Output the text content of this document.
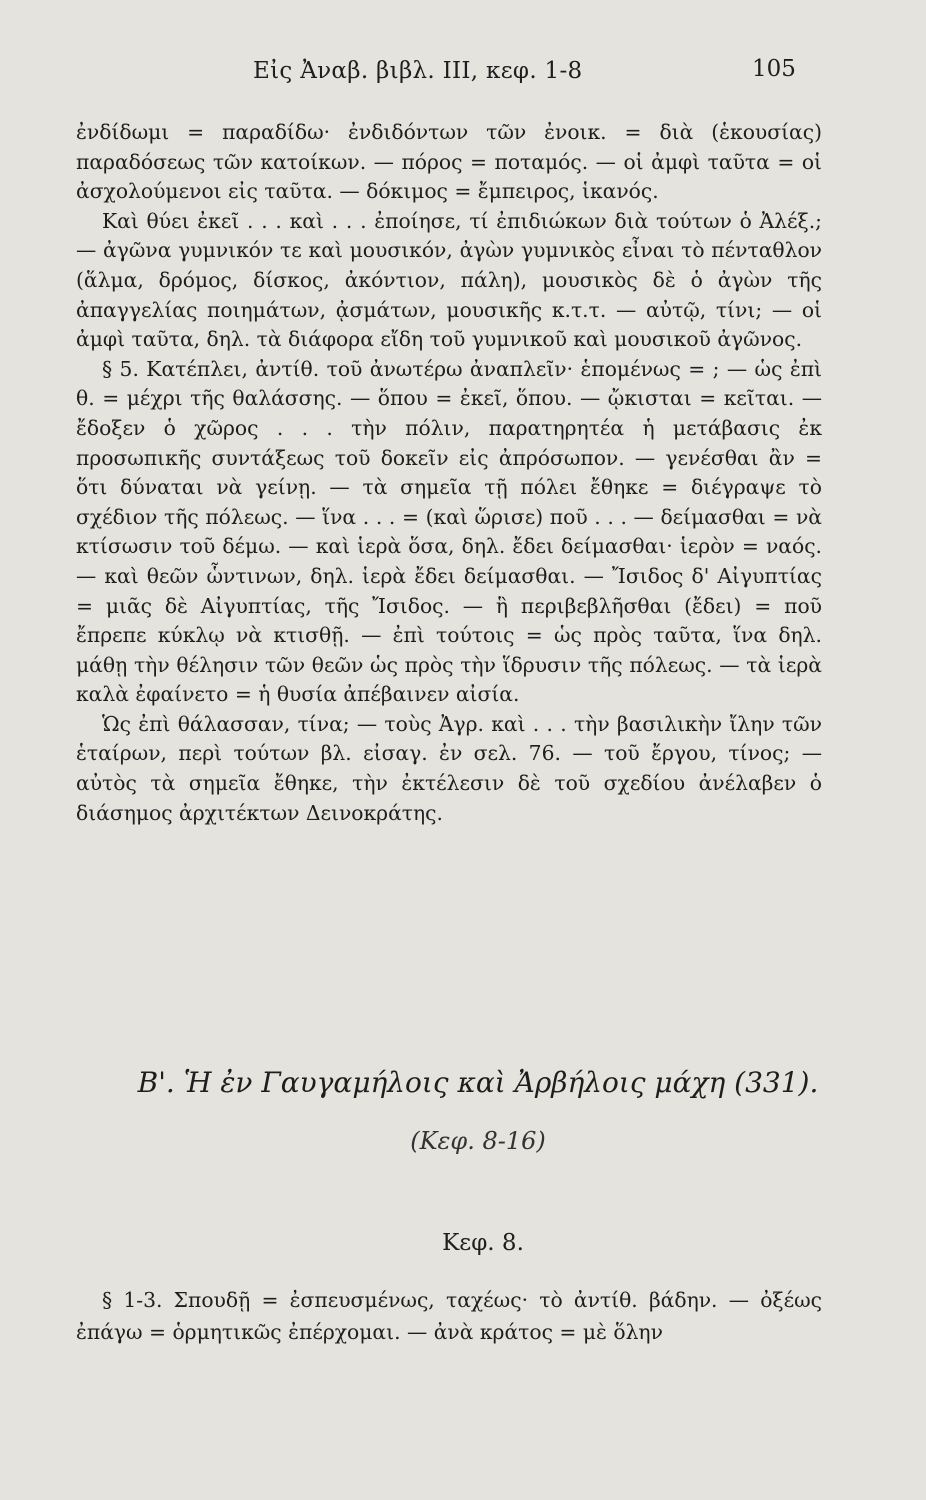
Εἰς Ἀναβ. βιβλ. III, κεφ. 1-8	105

ἐνδίδωμι = παραδίδω· ἐνδιδόντων τῶν ἐνοικ. = διὰ (ἑκουσίας) παραδόσεως τῶν κατοίκων. — πόρος = ποταμός. — οἱ ἀμφὶ ταῦτα = οἱ ἀσχολούμενοι εἰς ταῦτα. — δόκιμος = ἔμπειρος, ἱκανός.

Καὶ θύει ἐκεῖ . . . καὶ . . . ἐποίησε, τί ἐπιδιώκων διὰ τούτων ὁ Ἀλέξ.; — ἀγῶνα γυμνικόν τε καὶ μουσικόν, ἀγὼν γυμνικὸς εἶναι τὸ πένταθλον (ἅλμα, δρόμος, δίσκος, ἀκόντιον, πάλη), μουσικὸς δὲ ὁ ἀγὼν τῆς ἀπαγγελίας ποιημάτων, ᾀσμάτων, μουσικῆς κ.τ.τ. — αὐτῷ, τίνι; — οἱ ἀμφὶ ταῦτα, δηλ. τὰ διάφορα εἴδη τοῦ γυμνικοῦ καὶ μουσικοῦ ἀγῶνος.

§ 5. Κατέπλει, ἀντίθ. τοῦ ἀνωτέρω ἀναπλεῖν· ἑπομένως = ; — ὡς ἐπὶ θ. = μέχρι τῆς θαλάσσης. — ὅπου = ἐκεῖ, ὅπου. — ᾤκισται = κεῖται. — ἔδοξεν ὁ χῶρος . . . τὴν πόλιν, παρατηρητέα ἡ μετάβασις ἐκ προσωπικῆς συντάξεως τοῦ δοκεῖν εἰς ἀπρόσωπον. — γενέσθαι ἂν = ὅτι δύναται νὰ γείνῃ. — τὰ σημεῖα τῇ πόλει ἔθηκε = διέγραψε τὸ σχέδιον τῆς πόλεως. — ἵνα . . . = (καὶ ὥρισε) ποῦ . . . — δείμασθαι = νὰ κτίσωσιν τοῦ δέμω. — καὶ ἱερὰ ὅσα, δηλ. ἔδει δείμασθαι· ἱερὸν = ναός. — καὶ θεῶν ὧντινων, δηλ. ἱερὰ ἔδει δείμασθαι. — Ἴσιδος δ' Αἰγυπτίας = μιᾶς δὲ Αἰγυπτίας, τῆς Ἴσιδος. — ἣ περιβεβλῆσθαι (ἔδει) = ποῦ ἔπρεπε κύκλῳ νὰ κτισθῇ. — ἐπὶ τούτοις = ὡς πρὸς ταῦτα, ἵνα δηλ. μάθῃ τὴν θέλησιν τῶν θεῶν ὡς πρὸς τὴν ἵδρυσιν τῆς πόλεως. — τὰ ἱερὰ καλὰ ἐφαίνετο = ἡ θυσία ἀπέβαινεν αἰσία.

Ὡς ἐπὶ θάλασσαν, τίνα; — τοὺς Ἀγρ. καὶ . . . τὴν βασιλικὴν ἴλην τῶν ἑταίρων, περὶ τούτων βλ. εἰσαγ. ἐν σελ. 76. — τοῦ ἔργου, τίνος; — αὐτὸς τὰ σημεῖα ἔθηκε, τὴν ἐκτέλεσιν δὲ τοῦ σχεδίου ἀνέλαβεν ὁ διάσημος ἀρχιτέκτων Δεινοκράτης.

Β'. Ἡ ἐν Γαυγαμήλοις καὶ Ἀρβήλοις μάχη (331).
(Κεφ. 8-16)
Κεφ. 8.

§ 1-3. Σπουδῇ = ἐσπευσμένως, ταχέως· τὸ ἀντίθ. βάδην. — ὀξέως ἐπάγω = ὁρμητικῶς ἐπέρχομαι. — ἀνὰ κράτος = μὲ ὅλην
